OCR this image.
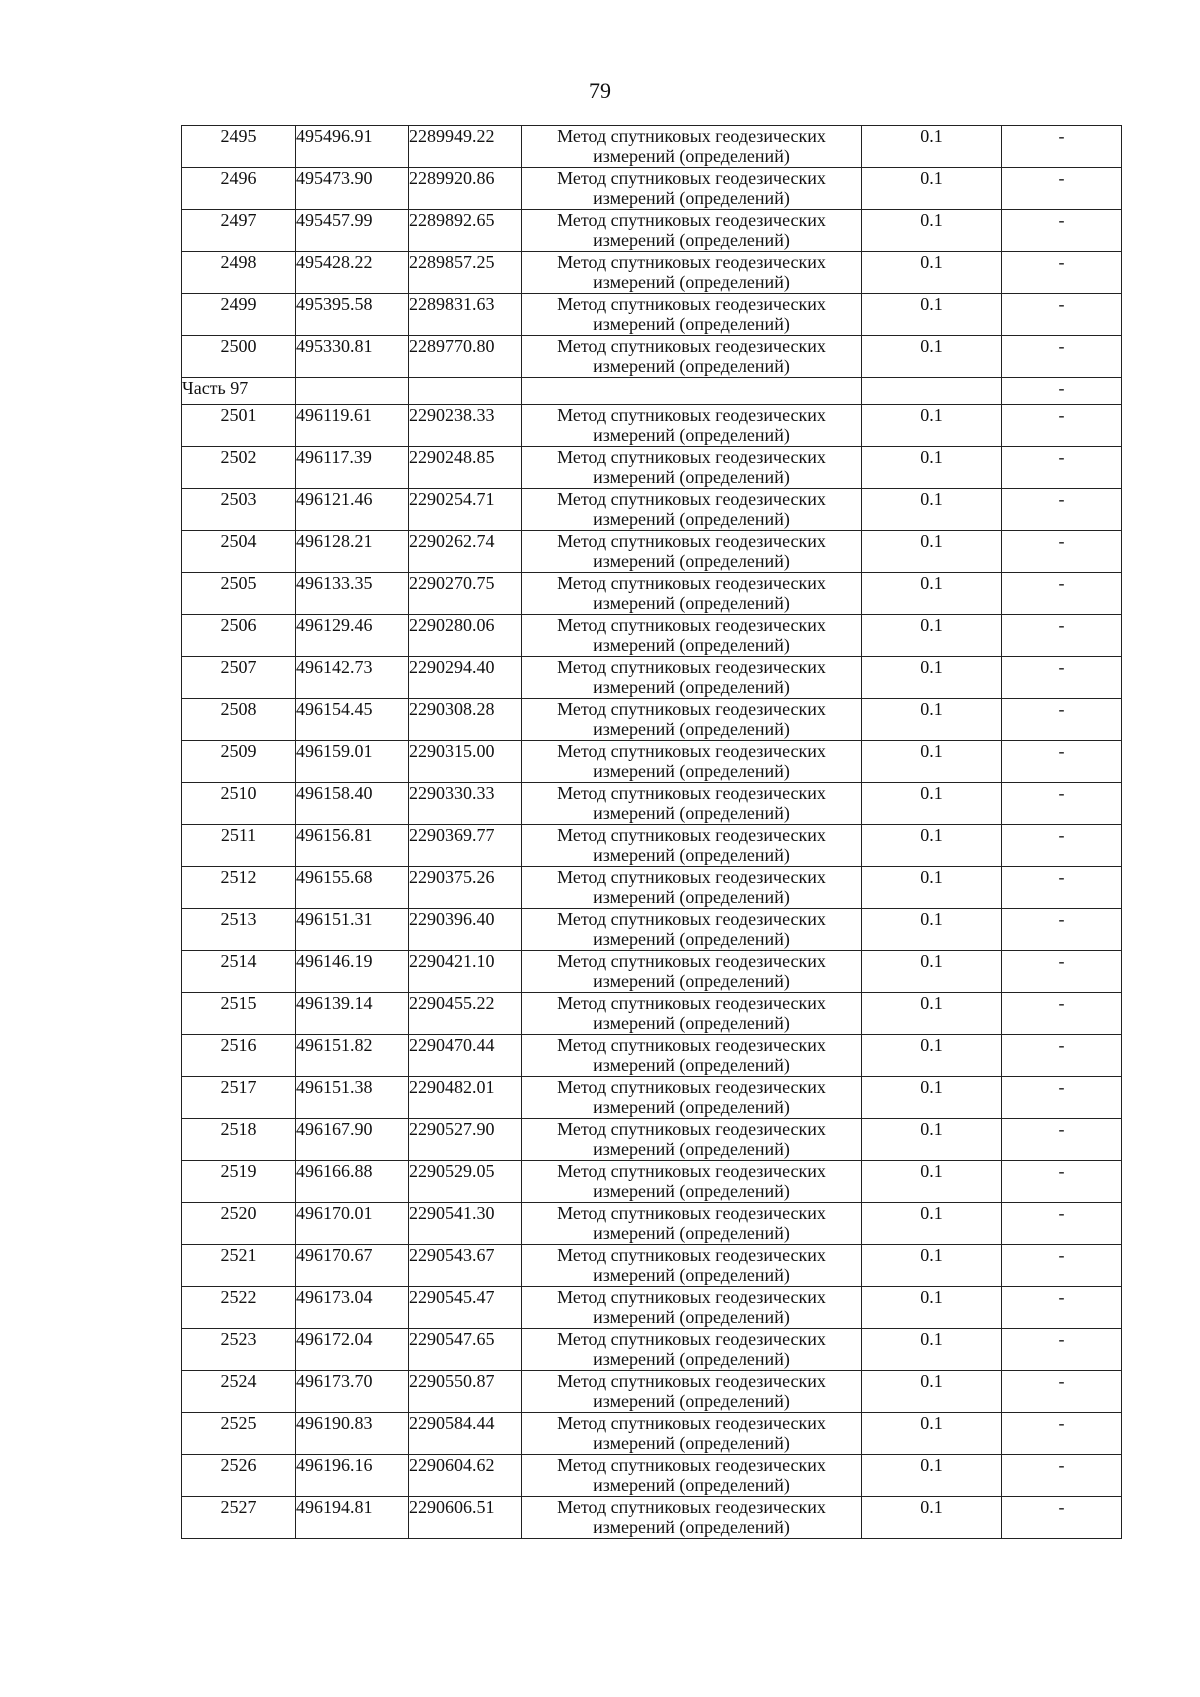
79
2495	495496.91	2289949.22	Метод спутниковых геодезических
измерений (определений)	0.1	-
2496	495473.90	2289920.86	Метод спутниковых геодезических
измерений (определений)	0.1	-
2497	495457.99	2289892.65	Метод спутниковых геодезических
измерений (определений)	0.1	-
2498	495428.22	2289857.25	Метод спутниковых геодезических
измерений (определений)	0.1	-
2499	495395.58	2289831.63	Метод спутниковых геодезических
измерений (определений)	0.1	-
2500	495330.81	2289770.80	Метод спутниковых геодезических
измерений (определений)	0.1	-
Часть 97					-
2501	496119.61	2290238.33	Метод спутниковых геодезических
измерений (определений)	0.1	-
2502	496117.39	2290248.85	Метод спутниковых геодезических
измерений (определений)	0.1	-
2503	496121.46	2290254.71	Метод спутниковых геодезических
измерений (определений)	0.1	-
2504	496128.21	2290262.74	Метод спутниковых геодезических
измерений (определений)	0.1	-
2505	496133.35	2290270.75	Метод спутниковых геодезических
измерений (определений)	0.1	-
2506	496129.46	2290280.06	Метод спутниковых геодезических
измерений (определений)	0.1	-
2507	496142.73	2290294.40	Метод спутниковых геодезических
измерений (определений)	0.1	-
2508	496154.45	2290308.28	Метод спутниковых геодезических
измерений (определений)	0.1	-
2509	496159.01	2290315.00	Метод спутниковых геодезических
измерений (определений)	0.1	-
2510	496158.40	2290330.33	Метод спутниковых геодезических
измерений (определений)	0.1	-
2511	496156.81	2290369.77	Метод спутниковых геодезических
измерений (определений)	0.1	-
2512	496155.68	2290375.26	Метод спутниковых геодезических
измерений (определений)	0.1	-
2513	496151.31	2290396.40	Метод спутниковых геодезических
измерений (определений)	0.1	-
2514	496146.19	2290421.10	Метод спутниковых геодезических
измерений (определений)	0.1	-
2515	496139.14	2290455.22	Метод спутниковых геодезических
измерений (определений)	0.1	-
2516	496151.82	2290470.44	Метод спутниковых геодезических
измерений (определений)	0.1	-
2517	496151.38	2290482.01	Метод спутниковых геодезических
измерений (определений)	0.1	-
2518	496167.90	2290527.90	Метод спутниковых геодезических
измерений (определений)	0.1	-
2519	496166.88	2290529.05	Метод спутниковых геодезических
измерений (определений)	0.1	-
2520	496170.01	2290541.30	Метод спутниковых геодезических
измерений (определений)	0.1	-
2521	496170.67	2290543.67	Метод спутниковых геодезических
измерений (определений)	0.1	-
2522	496173.04	2290545.47	Метод спутниковых геодезических
измерений (определений)	0.1	-
2523	496172.04	2290547.65	Метод спутниковых геодезических
измерений (определений)	0.1	-
2524	496173.70	2290550.87	Метод спутниковых геодезических
измерений (определений)	0.1	-
2525	496190.83	2290584.44	Метод спутниковых геодезических
измерений (определений)	0.1	-
2526	496196.16	2290604.62	Метод спутниковых геодезических
измерений (определений)	0.1	-
2527	496194.81	2290606.51	Метод спутниковых геодезических
измерений (определений)	0.1	-
